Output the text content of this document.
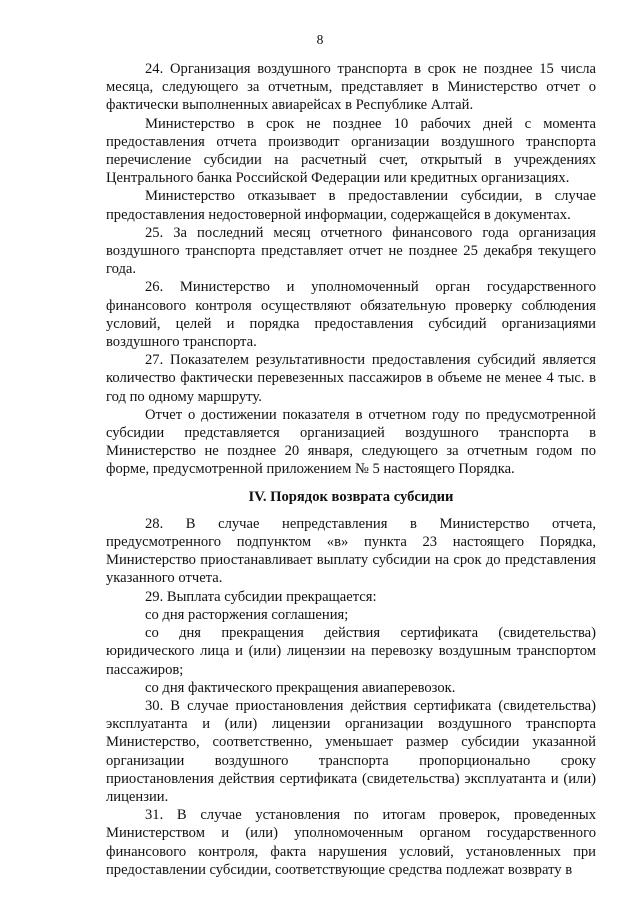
8

24. Организация воздушного транспорта в срок не позднее 15 числа месяца, следующего за отчетным, представляет в Министерство отчет о фактически выполненных авиарейсах в Республике Алтай.

Министерство в срок не позднее 10 рабочих дней с момента предоставления отчета производит организации воздушного транспорта перечисление субсидии на расчетный счет, открытый в учреждениях Центрального банка Российской Федерации или кредитных организациях.

Министерство отказывает в предоставлении субсидии, в случае предоставления недостоверной информации, содержащейся в документах.

25. За последний месяц отчетного финансового года организация воздушного транспорта представляет отчет не позднее 25 декабря текущего года.

26. Министерство и уполномоченный орган государственного финансового контроля осуществляют обязательную проверку соблюдения условий, целей и порядка предоставления субсидий организациями воздушного транспорта.

27. Показателем результативности предоставления субсидий является количество фактически перевезенных пассажиров в объеме не менее 4 тыс. в год по одному маршруту.

Отчет о достижении показателя в отчетном году по предусмотренной субсидии представляется организацией воздушного транспорта в Министерство не позднее 20 января, следующего за отчетным годом по форме, предусмотренной приложением № 5 настоящего Порядка.

IV. Порядок возврата субсидии

28. В случае непредставления в Министерство отчета, предусмотренного подпунктом «в» пункта 23 настоящего Порядка, Министерство приостанавливает выплату субсидии на срок до представления указанного отчета.

29. Выплата субсидии прекращается:

со дня расторжения соглашения;

со дня прекращения действия сертификата (свидетельства) юридического лица и (или) лицензии на перевозку воздушным транспортом пассажиров;

со дня фактического прекращения авиаперевозок.

30. В случае приостановления действия сертификата (свидетельства) эксплуатанта и (или) лицензии организации воздушного транспорта Министерство, соответственно, уменьшает размер субсидии указанной организации воздушного транспорта пропорционально сроку приостановления действия сертификата (свидетельства) эксплуатанта и (или) лицензии.

31. В случае установления по итогам проверок, проведенных Министерством и (или) уполномоченным органом государственного финансового контроля, факта нарушения условий, установленных при предоставлении субсидии, соответствующие средства подлежат возврату в
